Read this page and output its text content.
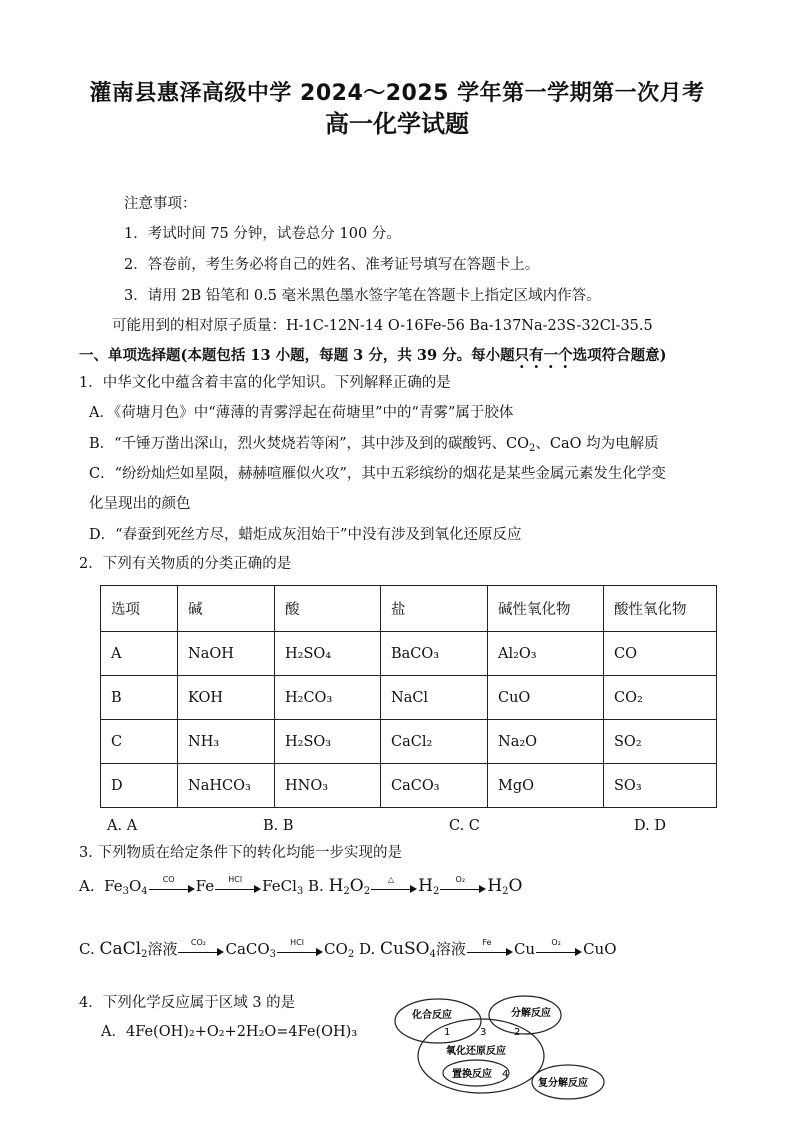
灌南县惠泽高级中学 2024～2025 学年第一学期第一次月考
高一化学试题
注意事项：
1．考试时间 75 分钟，试卷总分 100 分。
2．答卷前，考生务必将自己的姓名、准考证号填写在答题卡上。
3．请用 2B 铅笔和 0.5 毫米黑色墨水签字笔在答题卡上指定区域内作答。
可能用到的相对原子质量：H-1C-12N-14 O-16Fe-56 Ba-137Na-23S-32Cl-35.5
一、单项选择题(本题包括 13 小题，每题 3 分，共 39 分。每小题只有一个选项符合题意)
1．中华文化中蕴含着丰富的化学知识。下列解释正确的是
A．《荷塘月色》中“薄薄的青雾浮起在荷塘里”中的“青雾”属于胶体
B．“千锤万凿出深山，烈火焚烧若等闲”，其中涉及到的碳酸钙、$CO_2$、CaO 均为电解质
C．“纷纷灿烂如星陨，赫赫喧雁似火攻”，其中五彩缤纷的烟花是某些金属元素发生化学变
化呈现出的颜色
D．“春蚕到死丝方尽，蜡炬成灰泪始干”中没有涉及到氧化还原反应
2．下列有关物质的分类正确的是
选项	碱	酸	盐	碱性氧化物	酸性氧化物
A	NaOH	H₂SO₄	BaCO₃	Al₂O₃	CO
B	KOH	H₂CO₃	NaCl	CuO	CO₂
C	NH₃	H₂SO₃	CaCl₂	Na₂O	SO₂
D	NaHCO₃	HNO₃	CaCO₃	MgO	SO₃
A. A	B. B	C. C	D. D
3. 下列物质在给定条件下的转化均能一步实现的是
A.  $Fe_3O_4$
CO	Fe	HCl	FeCl$_3$ B. $H_2O_2$
△	$H_2$
O₂	$H_2O$
C. CaCl$_2$溶液	CO₂	CaCO$_3$
HCl	$CO_2$ D. CuSO$_4$溶液	Fe	Cu	O₂	CuO
4．下列化学反应属于区域 3 的是
A．4Fe(OH)₂+O₂+2H₂O=4Fe(OH)₃
化合反应	分解反应
氧化还原反应
置换反应
复分解反应
1	2
3
4
